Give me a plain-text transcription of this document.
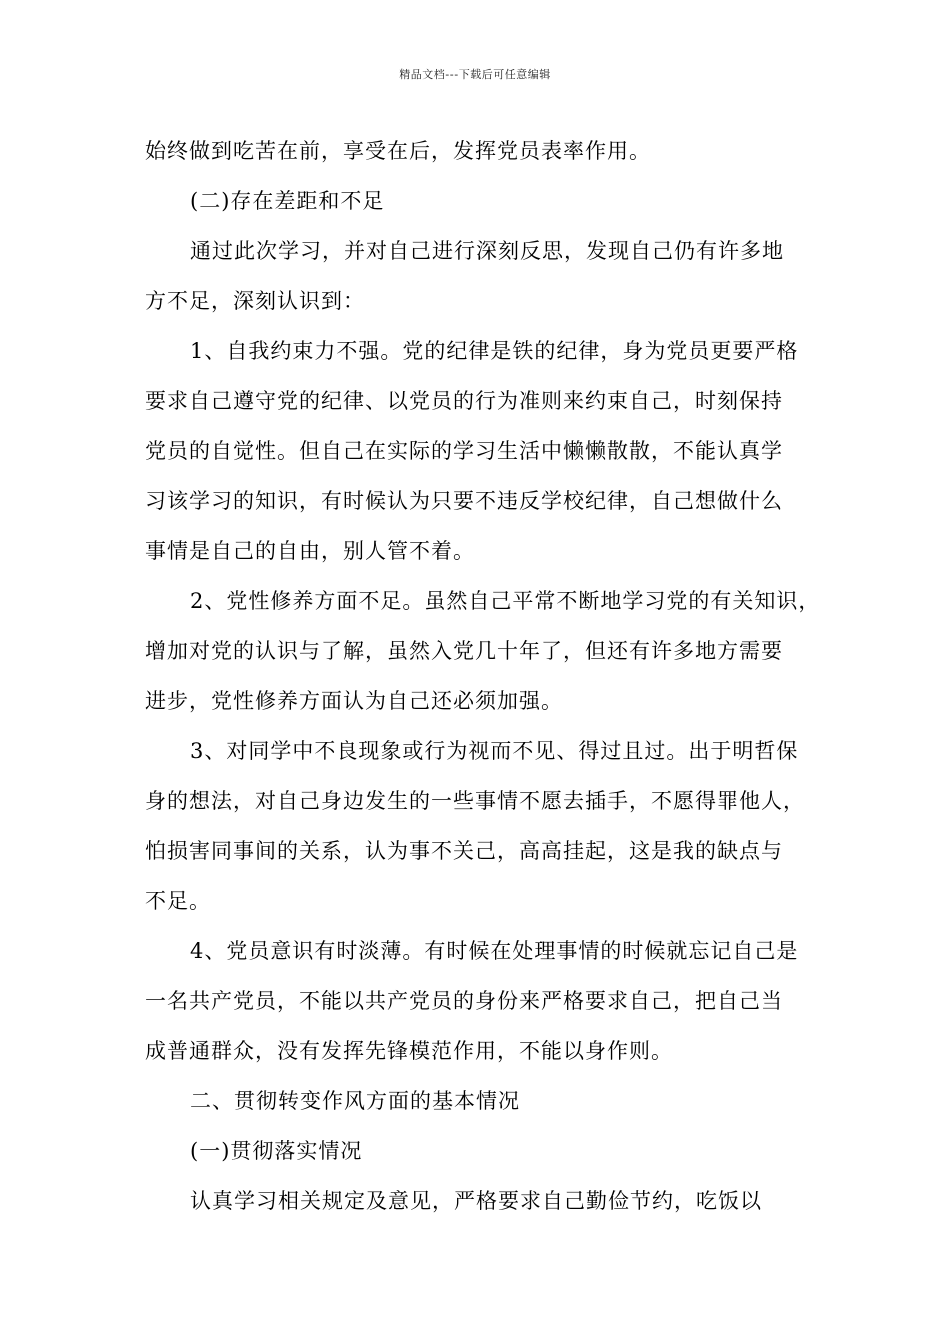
精品文档---下载后可任意编辑
始终做到吃苦在前，享受在后，发挥党员表率作用。
(二)存在差距和不足
通过此次学习，并对自己进行深刻反思，发现自己仍有许多地
方不足，深刻认识到：
1、自我约束力不强。党的纪律是铁的纪律，身为党员更要严格
要求自己遵守党的纪律、以党员的行为准则来约束自己，时刻保持
党员的自觉性。但自己在实际的学习生活中懒懒散散，不能认真学
习该学习的知识，有时候认为只要不违反学校纪律，自己想做什么
事情是自己的自由，别人管不着。
2、党性修养方面不足。虽然自己平常不断地学习党的有关知识，
增加对党的认识与了解，虽然入党几十年了，但还有许多地方需要
进步，党性修养方面认为自己还必须加强。
3、对同学中不良现象或行为视而不见、得过且过。出于明哲保
身的想法，对自己身边发生的一些事情不愿去插手，不愿得罪他人，
怕损害同事间的关系，认为事不关己，高高挂起，这是我的缺点与
不足。
4、党员意识有时淡薄。有时候在处理事情的时候就忘记自己是
一名共产党员，不能以共产党员的身份来严格要求自己，把自己当
成普通群众，没有发挥先锋模范作用，不能以身作则。
二、贯彻转变作风方面的基本情况
(一)贯彻落实情况
认真学习相关规定及意见，严格要求自己勤俭节约，吃饭以
